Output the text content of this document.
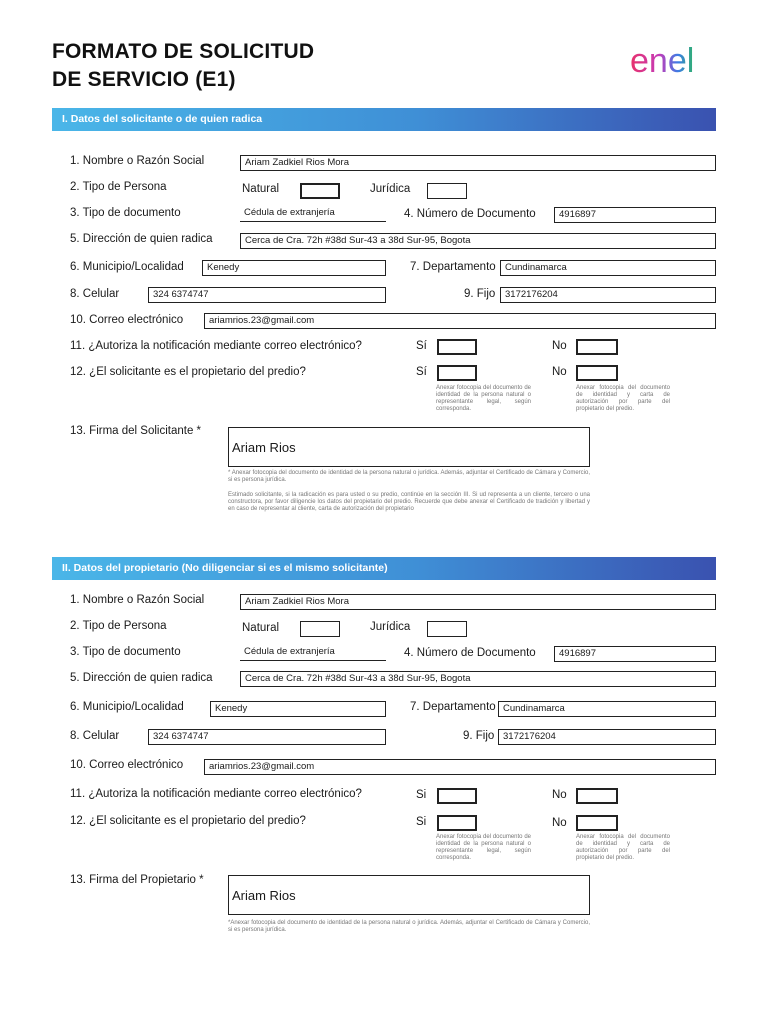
FORMATO DE SOLICITUD
DE SERVICIO (E1)	enel
I. Datos del solicitante o de quien radica
1. Nombre o Razón Social	Ariam Zadkiel Rios Mora
2. Tipo de Persona	Natural	Jurídica
3. Tipo de documento	Cédula de extranjería	4. Número de Documento	4916897
5. Dirección de quien radica	Cerca de Cra. 72h #38d Sur-43 a 38d Sur-95, Bogota
6. Municipio/Localidad	Kenedy	7. Departamento Cundinamarca
8. Celular	324 6374747	9. Fijo	3172176204
10. Correo electrónico	ariamrios.23@gmail.com
11. ¿Autoriza la notificación mediante correo electrónico?	Sí	No
12. ¿El solicitante es el propietario del predio?	Sí	No
Anexar fotocopia del documento de identidad de la persona natural o representante legal, según corresponda.
Anexar fotocopia del documento de identidad y carta de autorización por parte del propietario del predio.
13. Firma del Solicitante *
Ariam Rios
* Anexar fotocopia del documento de identidad de la persona natural o jurídica. Además, adjuntar el Certificado de Cámara y Comercio, si es persona jurídica.
Estimado solicitante, si la radicación es para usted o su predio, continúe en la sección III. Si ud representa a un cliente, tercero o una constructora, por favor diligencie los datos del propietario del predio. Recuerde que debe anexar el Certificado de tradición y libertad y en caso de representar al cliente, carta de autorización del propietario
II. Datos del propietario (No diligenciar si es el mismo solicitante)
1. Nombre o Razón Social	Ariam Zadkiel Rios Mora
2. Tipo de Persona	Natural	Jurídica
3. Tipo de documento	Cédula de extranjería	4. Número de Documento	4916897
5. Dirección de quien radica	Cerca de Cra. 72h #38d Sur-43 a 38d Sur-95, Bogota
6. Municipio/Localidad	Kenedy	7. Departamento Cundinamarca
8. Celular	324 6374747	9. Fijo 3172176204
10. Correo electrónico	ariamrios.23@gmail.com
11. ¿Autoriza la notificación mediante correo electrónico?	Si	No
12. ¿El solicitante es el propietario del predio?	Si	No
Anexar fotocopia del documento de identidad de la persona natural o representante legal, según corresponda.
Anexar fotocopia del documento de identidad y carta de autorización por parte del propietario del predio.
13. Firma del Propietario *
Ariam Rios
*Anexar fotocopia del documento de identidad de la persona natural o jurídica. Además, adjuntar el Certificado de Cámara y Comercio, si es persona jurídica.
